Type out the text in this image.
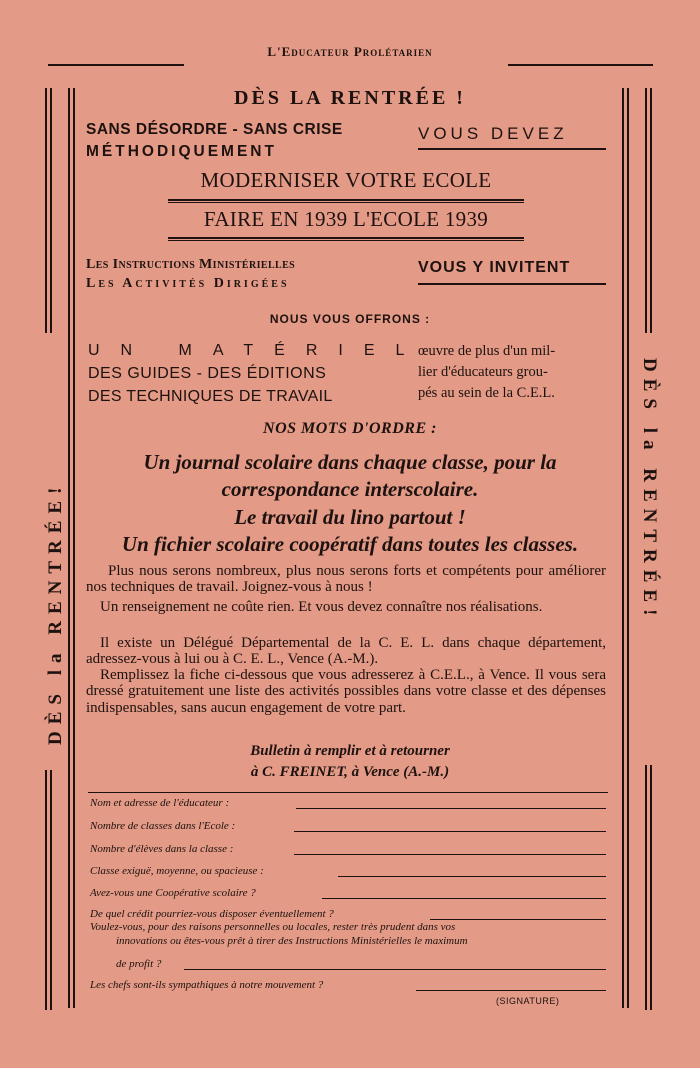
L'Educateur Prolétarien
DÈS la RENTRÉE!	DÈS la RENTRÉE!
DÈS LA RENTRÉE !
SANS DÉSORDRE - SANS CRISE
MÉTHODIQUEMENT
VOUS DEVEZ
MODERNISER VOTRE ECOLE
FAIRE EN 1939 L'ECOLE 1939
Les Instructions Ministérielles
Les Activités Dirigées
VOUS Y INVITENT
NOUS VOUS OFFRONS :
UN MATÉRIEL
DES GUIDES - DES ÉDITIONS
DES TECHNIQUES DE TRAVAIL
œuvre de plus d'un mil-
lier d'éducateurs grou-
pés au sein de la C.E.L.
NOS MOTS D'ORDRE :
Un journal scolaire dans chaque classe, pour la
correspondance interscolaire.
Le travail du lino partout !
Un fichier scolaire coopératif dans toutes les classes.
Plus nous serons nombreux, plus nous serons forts et compétents pour améliorer nos techniques de travail. Joignez-vous à nous !
Un renseignement ne coûte rien. Et vous devez connaître nos réalisations.
Il existe un Délégué Départemental de la C. E. L. dans chaque département, adressez-vous à lui ou à C. E. L., Vence (A.-M.).
Remplissez la fiche ci-dessous que vous adresserez à C.E.L., à Vence. Il vous sera dressé gratuitement une liste des activités possibles dans votre classe et des dépenses indispensables, sans aucun engagement de votre part.
Bulletin à remplir et à retourner
à C. FREINET, à Vence (A.-M.)
Nom et adresse de l'éducateur :
Nombre de classes dans l'Ecole :
Nombre d'élèves dans la classe :
Classe exiguë, moyenne, ou spacieuse :
Avez-vous une Coopérative scolaire ?
De quel crédit pourriez-vous disposer éventuellement ?
Voulez-vous, pour des raisons personnelles ou locales, rester très prudent dans vos
innovations ou êtes-vous prêt à tirer des Instructions Ministérielles le maximum
de profit ?
Les chefs sont-ils sympathiques à notre mouvement ?
(SIGNATURE)
